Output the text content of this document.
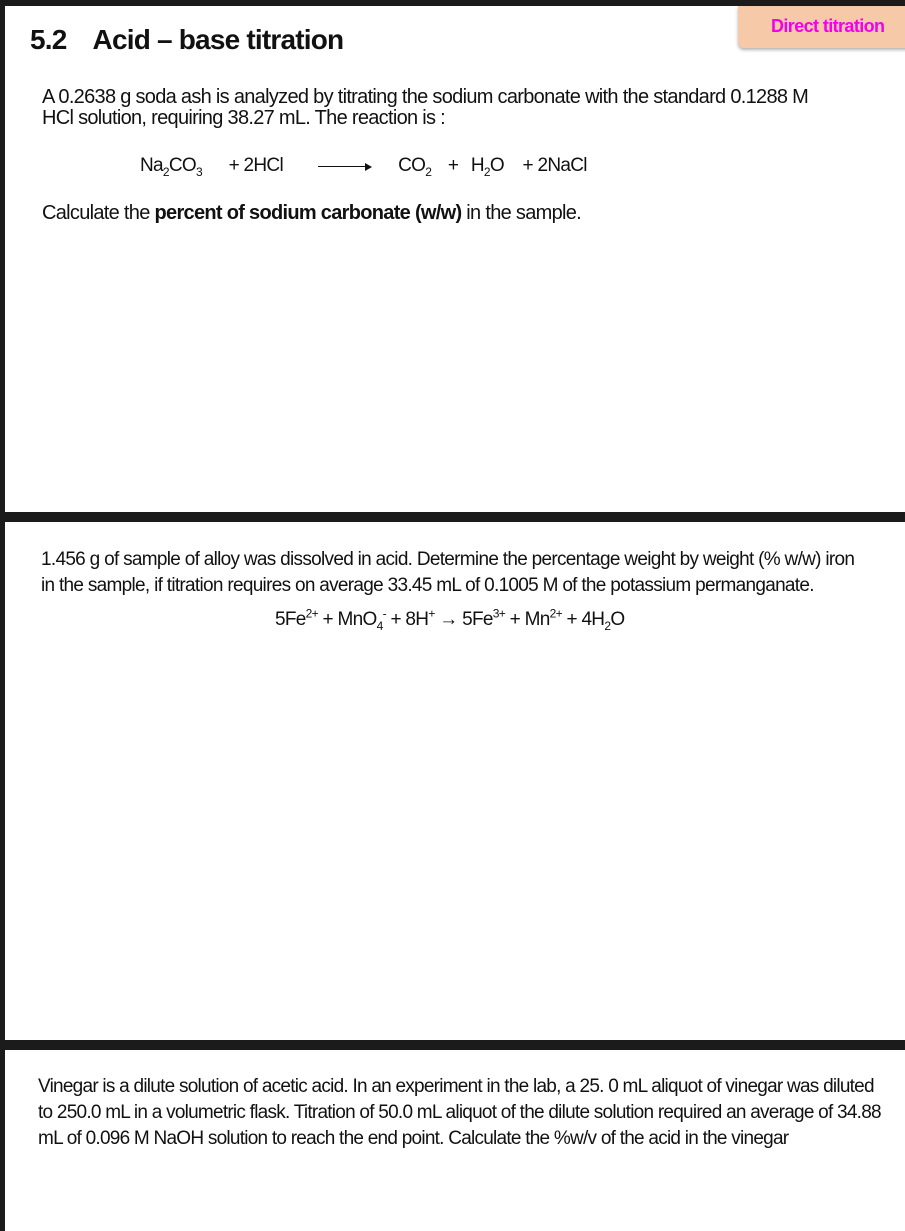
5.2 Acid – base titration	Direct titration
A 0.2638 g soda ash is analyzed by titrating the sodium carbonate with the standard 0.1288 M
HCl solution, requiring 38.27 mL. The reaction is :
$Na_2CO_3 + 2HCl$	$CO_2 + H_2O$ + 2NaCl
Calculate the percent of sodium carbonate (w/w) in the sample.
1.456 g of sample of alloy was dissolved in acid. Determine the percentage weight by weight (% w/w) iron
in the sample, if titration requires on average 33.45 mL of 0.1005 M of the potassium permanganate.
$5Fe^{2+} + MnO_4^- + 8H^+ \to 5Fe^{3+} + Mn^{2+} + 4H_2O$
Vinegar is a dilute solution of acetic acid. In an experiment in the lab, a 25. 0 mL aliquot of vinegar was diluted
to 250.0 mL in a volumetric flask. Titration of 50.0 mL aliquot of the dilute solution required an average of 34.88
mL of 0.096 M NaOH solution to reach the end point. Calculate the %w/v of the acid in the vinegar
